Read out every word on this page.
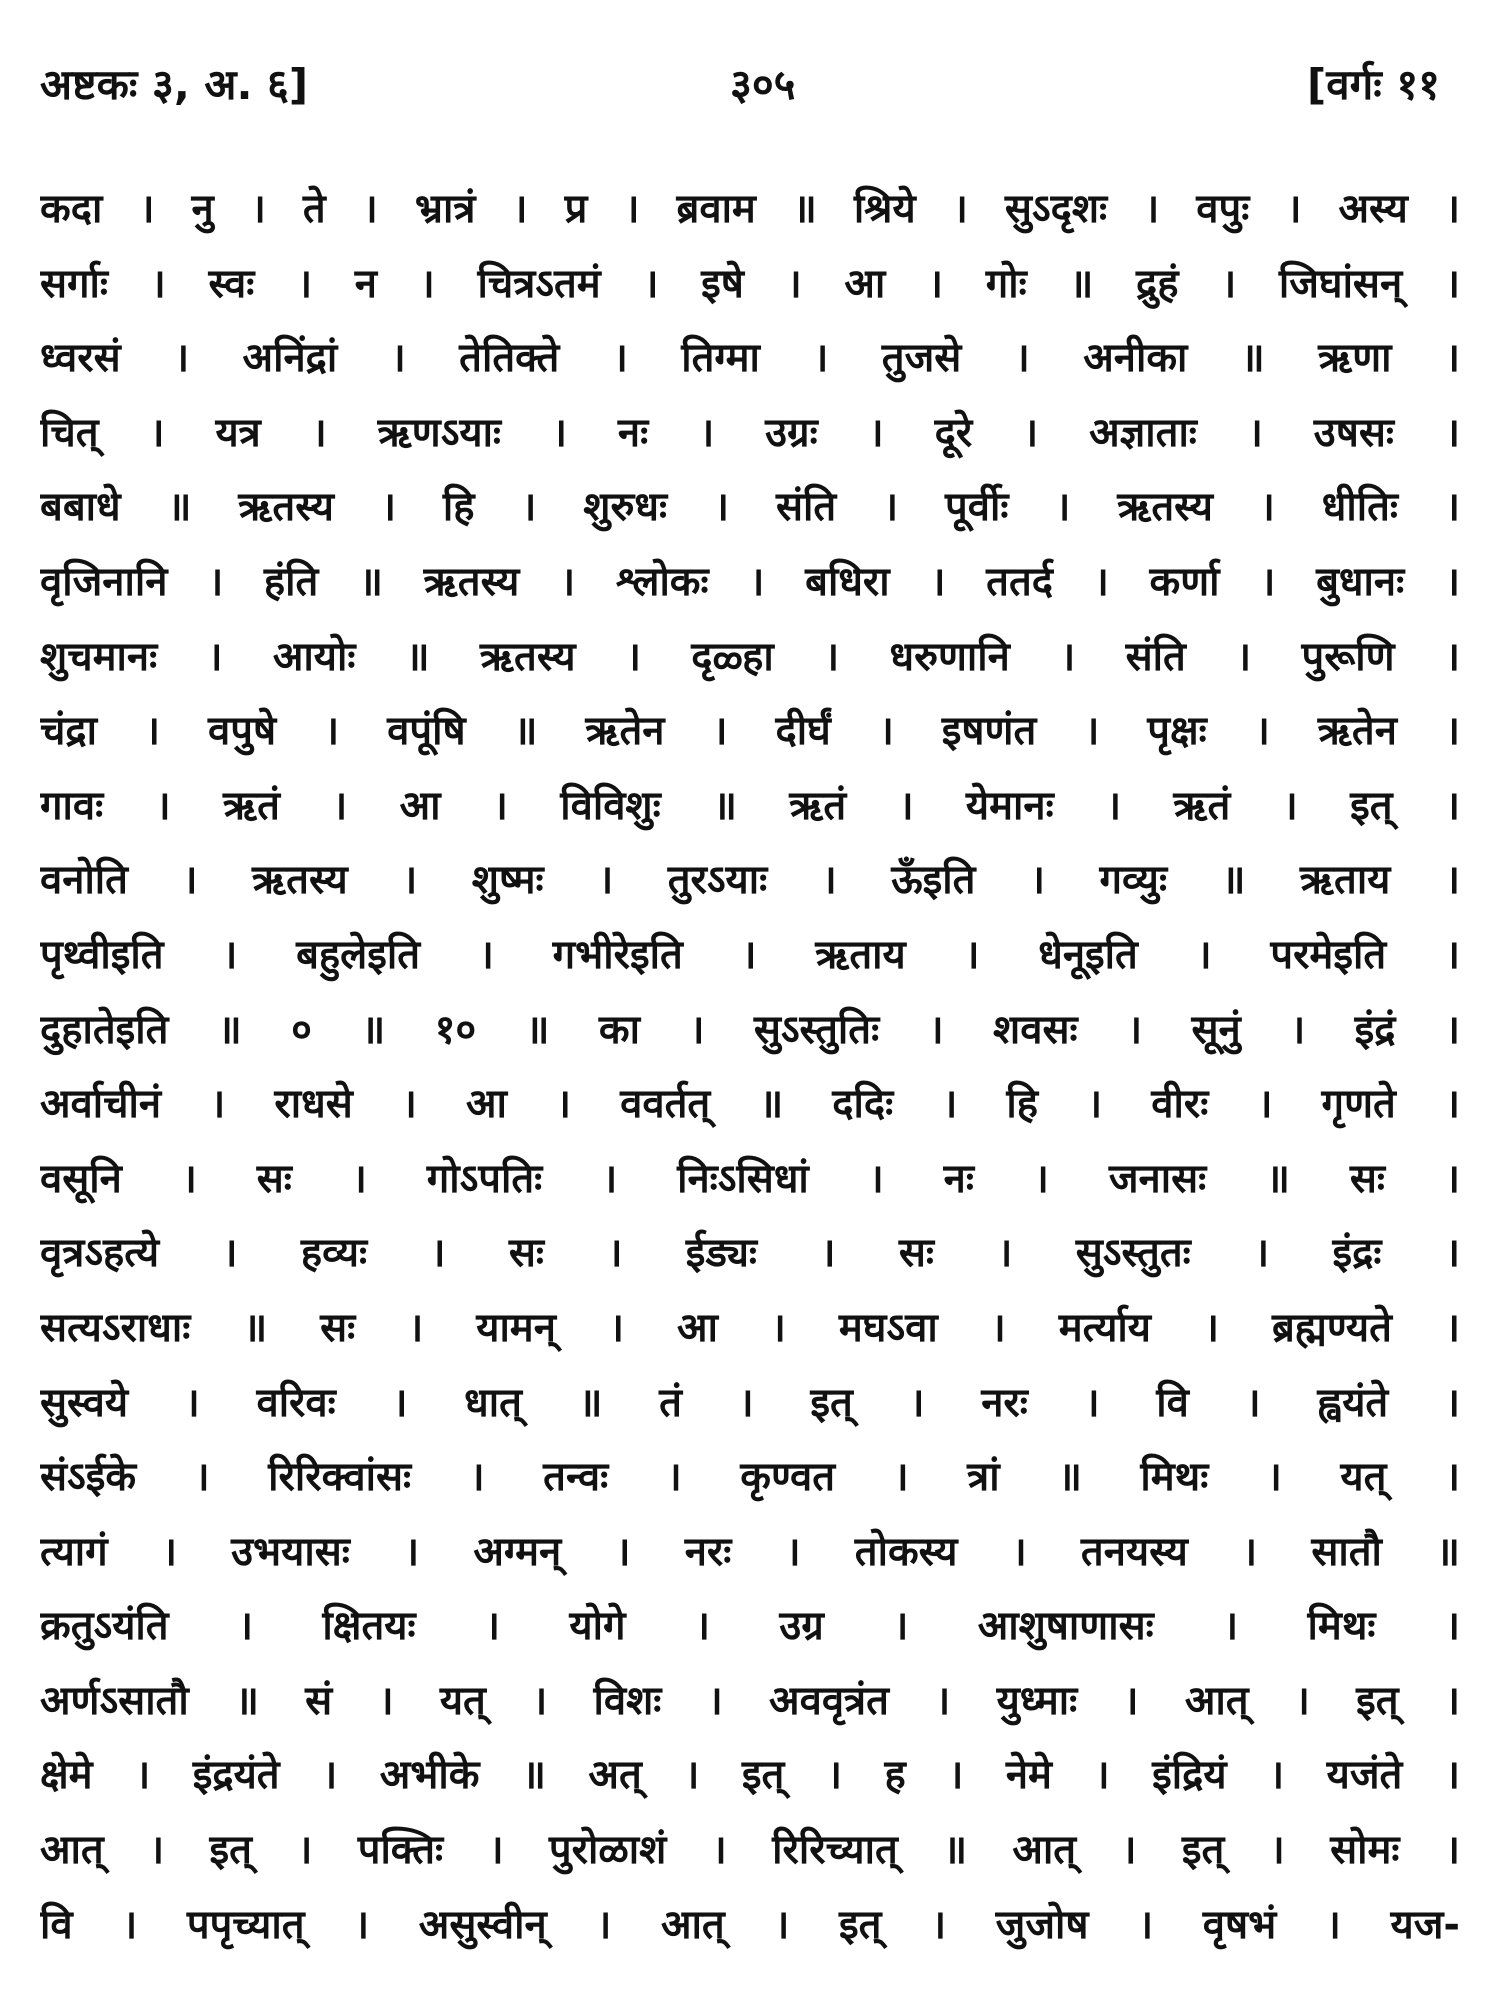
अष्टकः ३, अ. ६]	३०५	[वर्गः ११
कदा । नु । ते । भ्रात्रं । प्र । ब्रवाम ॥ श्रिये । सुऽदृशः । वपुः । अस्य ।
सर्गाः । स्वः । न । चित्रऽतमं । इषे । आ । गोः ॥ द्रुहं । जिघांसन् ।
ध्वरसं । अनिंद्रां । तेतिक्ते । तिग्मा । तुजसे । अनीका ॥ ऋणा ।
चित् । यत्र । ऋणऽयाः । नः । उग्रः । दूरे । अज्ञाताः । उषसः ।
बबाधे ॥ ऋतस्य । हि । शुरुधः । संति । पूर्वीः । ऋतस्य । धीतिः ।
वृजिनानि । हंति ॥ ऋतस्य । श्लोकः । बधिरा । ततर्द । कर्णा । बुधानः ।
शुचमानः । आयोः ॥ ऋतस्य । दृळ्हा । धरुणानि । संति । पुरूणि ।
चंद्रा । वपुषे । वपूंषि ॥ ऋतेन । दीर्घं । इषणंत । पृक्षः । ऋतेन ।
गावः । ऋतं । आ । विविशुः ॥ ऋतं । येमानः । ऋतं । इत् ।
वनोति । ऋतस्य । शुष्मः । तुरऽयाः । ऊँइति । गव्युः ॥ ऋताय ।
पृथ्वीइति । बहुलेइति । गभीरेइति । ऋताय । धेनूइति । परमेइति ।
दुहातेइति ॥ ० ॥ १० ॥ का । सुऽस्तुतिः । शवसः । सूनुं । इंद्रं ।
अर्वाचीनं । राधसे । आ । ववर्तत् ॥ ददिः । हि । वीरः । गृणते ।
वसूनि । सः । गोऽपतिः । निःऽसिधां । नः । जनासः ॥ सः ।
वृत्रऽहत्ये । हव्यः । सः । ईड्यः । सः । सुऽस्तुतः । इंद्रः ।
सत्यऽराधाः ॥ सः । यामन् । आ । मघऽवा । मर्त्याय । ब्रह्मण्यते ।
सुस्वये । वरिवः । धात् ॥ तं । इत् । नरः । वि । ह्वयंते ।
संऽईके । रिरिक्वांसः । तन्वः । कृण्वत । त्रां ॥ मिथः । यत् ।
त्यागं । उभयासः । अग्मन् । नरः । तोकस्य । तनयस्य । सातौ ॥
क्रतुऽयंति । क्षितयः । योगे । उग्र । आशुषाणासः । मिथः ।
अर्णऽसातौ ॥ सं । यत् । विशः । अववृत्रंत । युध्माः । आत् । इत् ।
क्षेमे । इंद्रयंते । अभीके ॥ अत् । इत् । ह । नेमे । इंद्रियं । यजंते ।
आत् । इत् । पक्तिः । पुरोळाशं । रिरिच्यात् ॥ आत् । इत् । सोमः ।
वि । पपृच्यात् । असुस्वीन् । आत् । इत् । जुजोष । वृषभं । यज-
